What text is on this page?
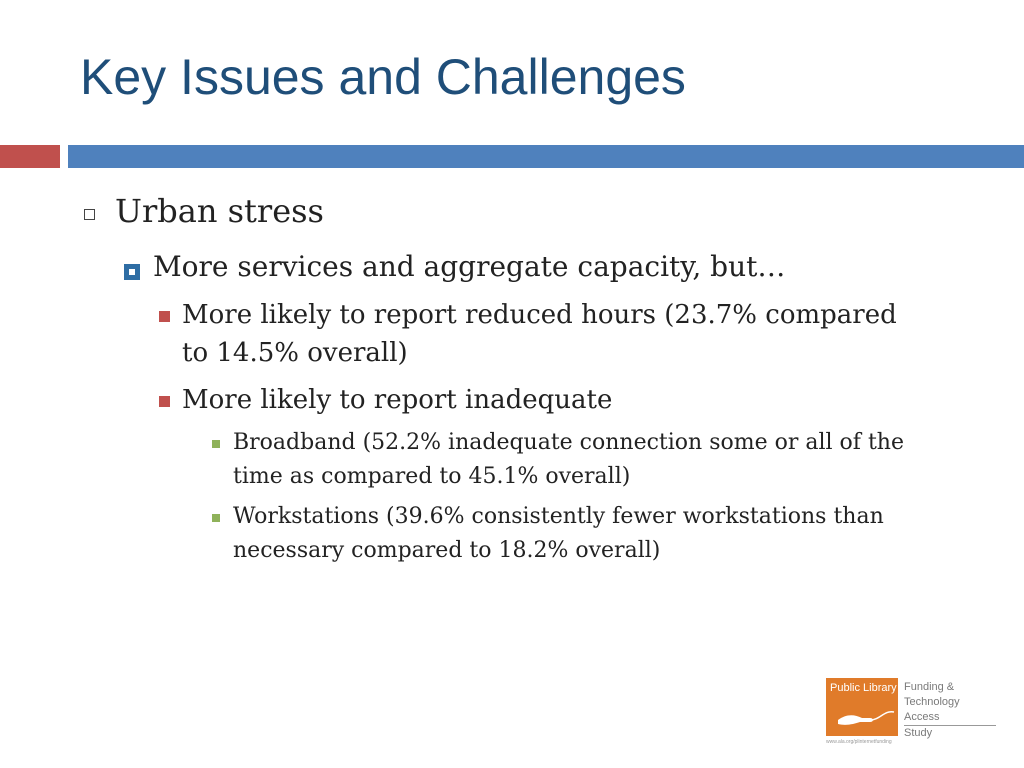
Key Issues and Challenges
Urban stress
More services and aggregate capacity, but…
More likely to report reduced hours (23.7% compared
to 14.5% overall)
More likely to report inadequate
Broadband (52.2% inadequate connection some or all of the
time as compared to 45.1% overall)
Workstations (39.6% consistently fewer workstations than
necessary compared to 18.2% overall)
Public Library Funding &
Technology Access
Study
www.ala.org/plinternetfunding
